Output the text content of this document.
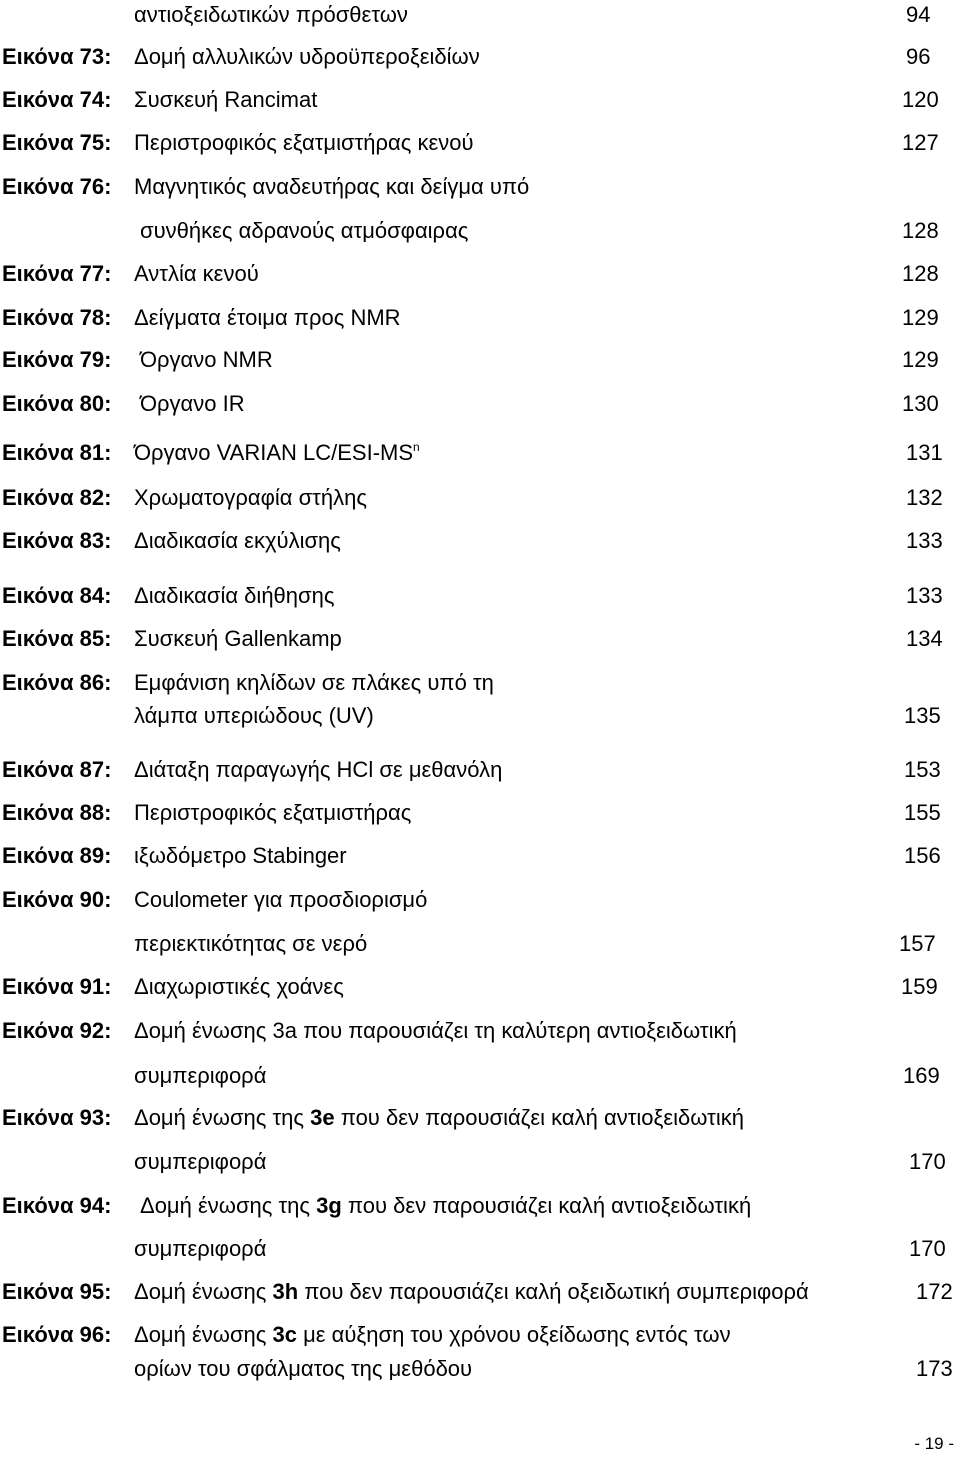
αντιοξειδωτικών πρόσθετων	94
Εικόνα 73: Δομή αλλυλικών υδροϋπεροξειδίων	96
Εικόνα 74: Συσκευή Rancimat	120
Εικόνα 75: Περιστροφικός εξατμιστήρας κενού	127
Εικόνα 76: Μαγνητικός αναδευτήρας και δείγμα υπό
συνθήκες αδρανούς ατμόσφαιρας	128
Εικόνα 77: Αντλία κενού	128
Εικόνα 78: Δείγματα έτοιμα προς NMR	129
Εικόνα 79: Όργανο NMR	129
Εικόνα 80: Όργανο IR	130
Εικόνα 81: Όργανο VARIAN $LC/ESI-MS^n$	131
Εικόνα 82: Χρωματογραφία στήλης	132
Εικόνα 83: Διαδικασία εκχύλισης	133
Εικόνα 84: Διαδικασία διήθησης	133
Εικόνα 85: Συσκευή Gallenkamp	134
Εικόνα 86: Εμφάνιση κηλίδων σε πλάκες υπό τη
λάμπα υπεριώδους (UV)	135
Εικόνα 87: Διάταξη παραγωγής HCl σε μεθανόλη	153
Εικόνα 88: Περιστροφικός εξατμιστήρας	155
Εικόνα 89: ιξωδόμετρο Stabinger	156
Εικόνα 90: Coulometer για προσδιορισμό
περιεκτικότητας σε νερό	157
Εικόνα 91: Διαχωριστικές χοάνες	159
Εικόνα 92: Δομή ένωσης 3a που παρουσιάζει τη καλύτερη αντιοξειδωτική
συμπεριφορά	169
Εικόνα 93: Δομή ένωσης της 3e που δεν παρουσιάζει καλή αντιοξειδωτική
συμπεριφορά	170
Εικόνα 94: Δομή ένωσης της 3g που δεν παρουσιάζει καλή αντιοξειδωτική
συμπεριφορά	170
Εικόνα 95: Δομή ένωσης 3h που δεν παρουσιάζει καλή οξειδωτική συμπεριφορά	172
Εικόνα 96: Δομή ένωσης 3c με αύξηση του χρόνου οξείδωσης εντός των
ορίων του σφάλματος της μεθόδου	173
- 19 -
